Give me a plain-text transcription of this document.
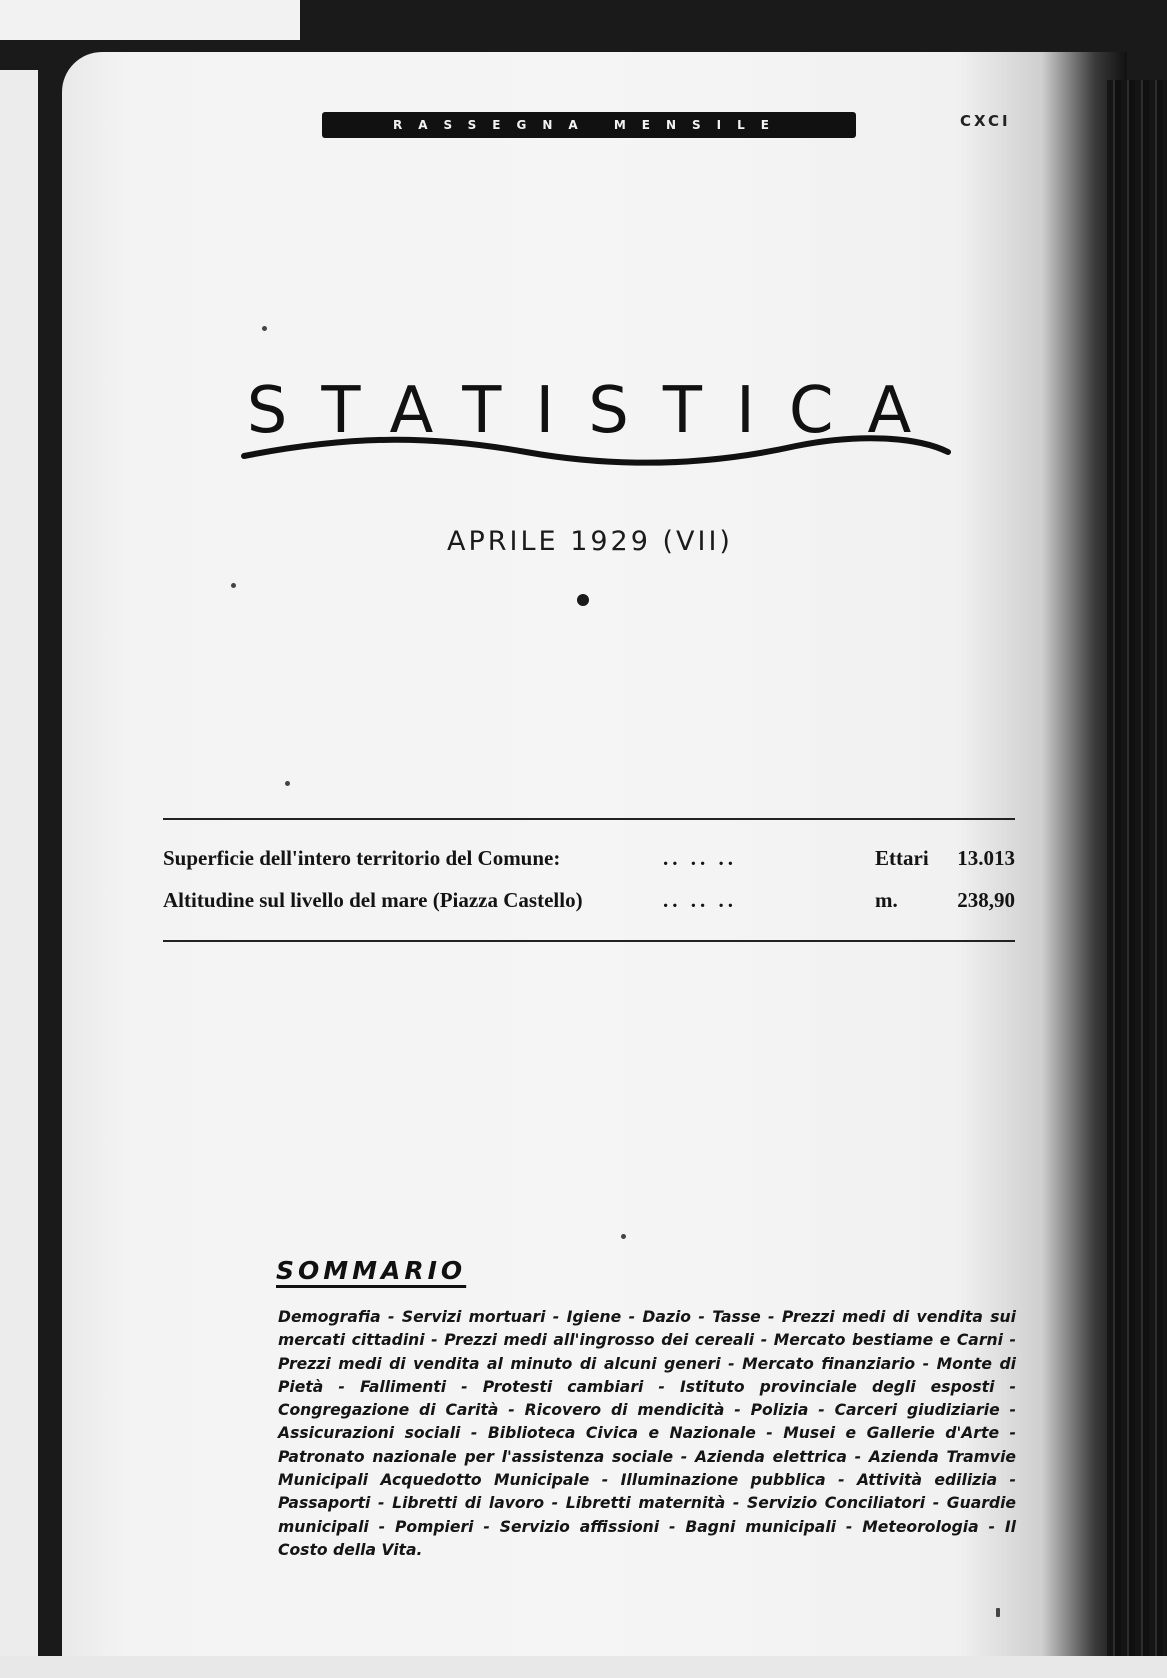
RASSEGNA MENSILE	CXCI
STATISTICA
APRILE 1929 (VII)
Superficie dell'intero territorio del Comune:	.. .. ..	Ettari 13.013
Altitudine sul livello del mare (Piazza Castello)	.. .. ..	m.	238,90
SOMMARIO
Demografia - Servizi mortuari - Igiene - Dazio - Tasse - Prezzi medi di vendita sui mercati cittadini - Prezzi medi all'ingrosso dei cereali - Mercato bestiame e Carni - Prezzi medi di vendita al minuto di alcuni generi - Mercato finanziario - Monte di Pietà - Fallimenti - Protesti cambiari - Istituto provinciale degli esposti - Congregazione di Carità - Ricovero di mendicità - Polizia - Carceri giudiziarie - Assicurazioni sociali - Biblioteca Civica e Nazionale - Musei e Gallerie d'Arte - Patronato nazionale per l'assistenza sociale - Azienda elettrica - Azienda Tramvie Municipali Acquedotto Municipale - Illuminazione pubblica - Attività edilizia - Passaporti - Libretti di lavoro - Libretti maternità - Servizio Conciliatori - Guardie municipali - Pompieri - Servizio affissioni - Bagni municipali - Meteorologia - Il Costo della Vita.
